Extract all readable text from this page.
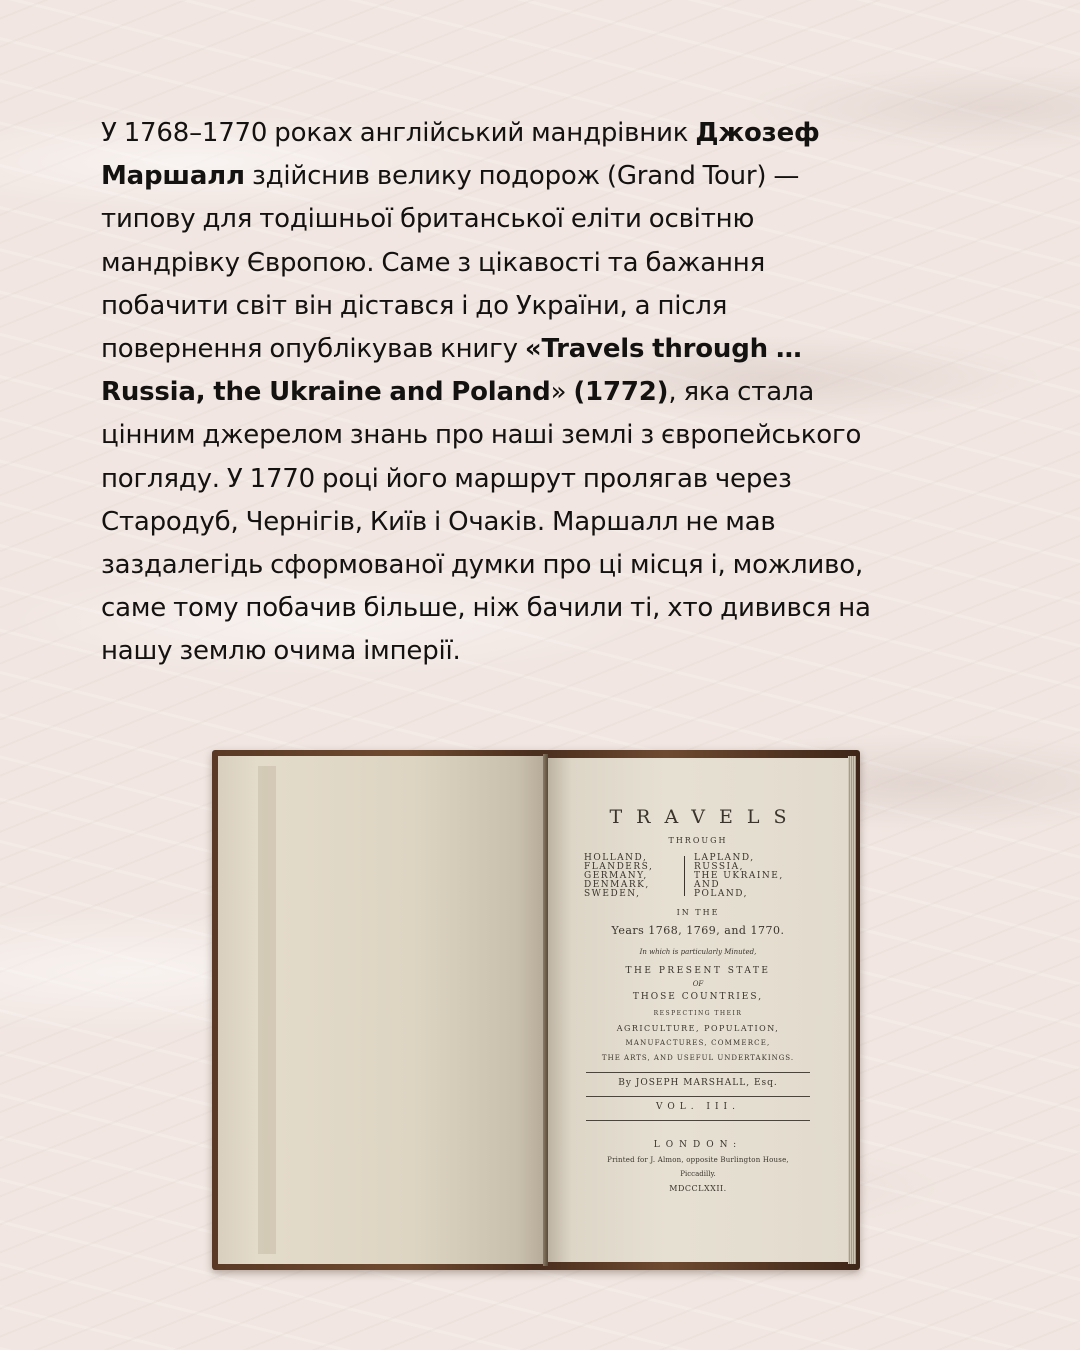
У 1768–1770 роках англійський мандрівник Джозеф
Маршалл здійснив велику подорож (Grand Tour) —
типову для тодішньої британської еліти освітню
мандрівку Європою. Саме з цікавості та бажання
побачити світ він дістався і до України, а після
повернення опублікував книгу «Travels through …
Russia, the Ukraine and Poland» (1772), яка стала
цінним джерелом знань про наші землі з європейського
погляду. У 1770 році його маршрут пролягав через
Стародуб, Чернігів, Київ і Очаків. Маршалл не мав
заздалегідь сформованої думки про ці місця і, можливо,
саме тому побачив більше, ніж бачили ті, хто дивився на
нашу землю очима імперії.
TRAVELS
THROUGH
HOLLAND,
FLANDERS,
GERMANY,
DENMARK,
SWEDEN,
LAPLAND,
RUSSIA,
THE UKRAINE,
AND
POLAND,
IN THE
Years 1768, 1769, and 1770.
In which is particularly Minuted,
THE PRESENT STATE
OF
THOSE COUNTRIES,
RESPECTING THEIR
AGRICULTURE, POPULATION,
MANUFACTURES, COMMERCE,
THE ARTS, AND USEFUL UNDERTAKINGS.
By JOSEPH MARSHALL, Esq.
VOL. III.
LONDON:
Printed for J. Almon, opposite Burlington House,
Piccadilly.
MDCCLXXII.
